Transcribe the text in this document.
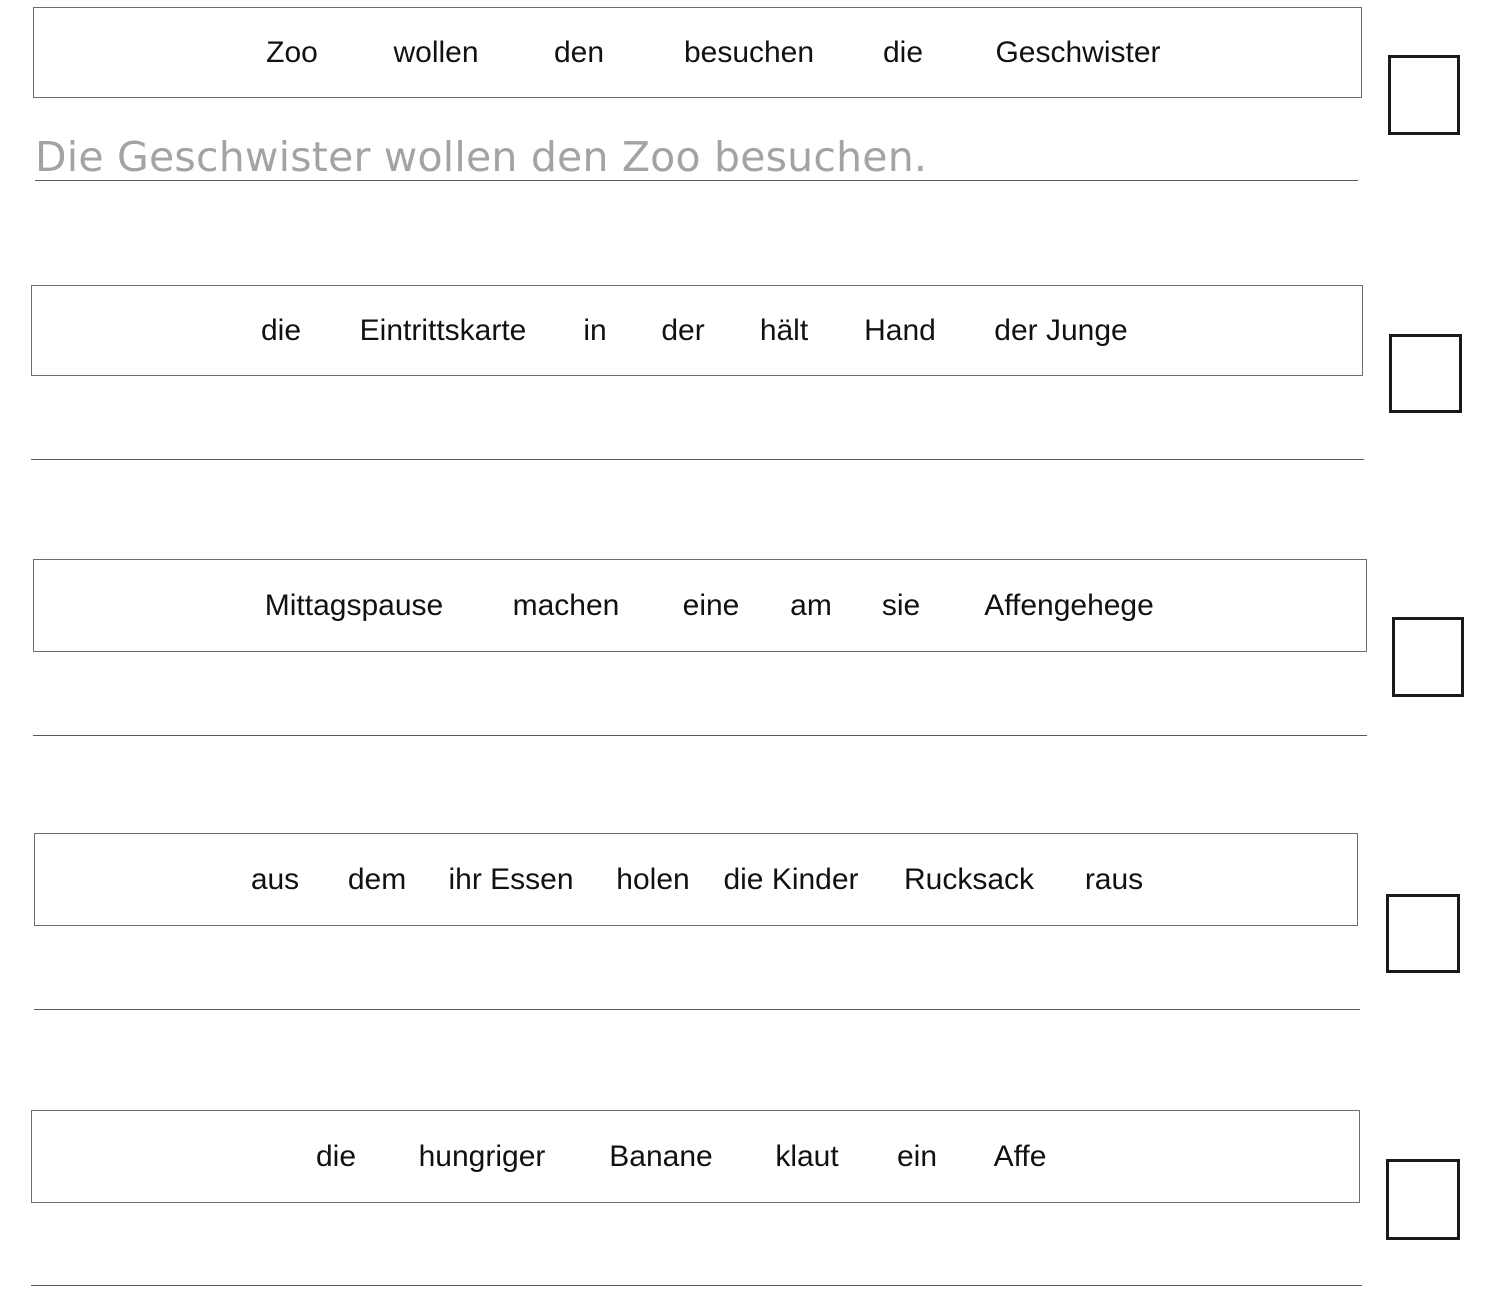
Zoo	wollen	den	besuchen die Geschwister
Die Geschwister wollen den Zoo besuchen.
die Eintrittskarte in der hält Hand der Junge
Mittagspause machen eine am sie Affengehege
aus dem ihr Essen holen die Kinder Rucksack raus
die hungriger Banane klaut ein Affe
